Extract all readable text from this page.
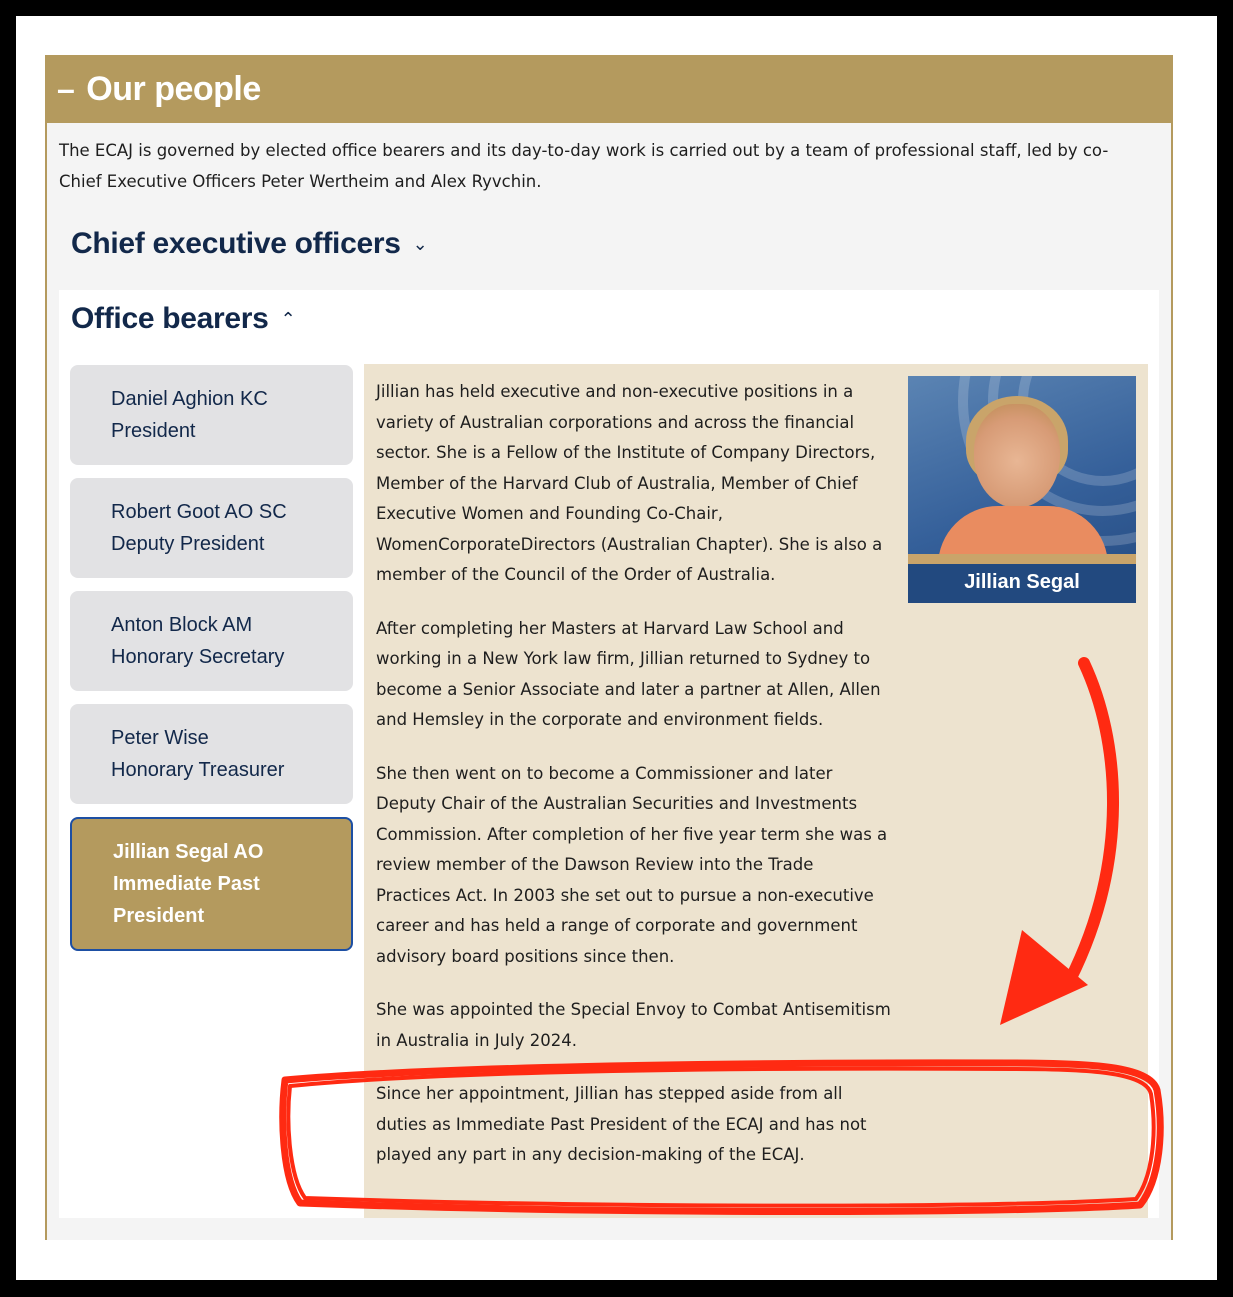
– Our people

The ECAJ is governed by elected office bearers and its day-to-day work is carried out by a team of professional staff, led by co-Chief Executive Officers Peter Wertheim and Alex Ryvchin.

Chief executive officers ⌄
Office bearers ⌃
Daniel Aghion KC
President
Robert Goot AO SC
Deputy President
Anton Block AM
Honorary Secretary
Peter Wise
Honorary Treasurer
Jillian Segal AO
Immediate Past President

Jillian has held executive and non-executive positions in a variety of Australian corporations and across the financial sector. She is a Fellow of the Institute of Company Directors, Member of the Harvard Club of Australia, Member of Chief Executive Women and Founding Co-Chair, WomenCorporateDirectors (Australian Chapter). She is also a member of the Council of the Order of Australia.

After completing her Masters at Harvard Law School and working in a New York law firm, Jillian returned to Sydney to become a Senior Associate and later a partner at Allen, Allen and Hemsley in the corporate and environment fields.

She then went on to become a Commissioner and later Deputy Chair of the Australian Securities and Investments Commission. After completion of her five year term she was a review member of the Dawson Review into the Trade Practices Act. In 2003 she set out to pursue a non-executive career and has held a range of corporate and government advisory board positions since then.

She was appointed the Special Envoy to Combat Antisemitism in Australia in July 2024.

Since her appointment, Jillian has stepped aside from all duties as Immediate Past President of the ECAJ and has not played any part in any decision-making of the ECAJ.

Jillian Segal
